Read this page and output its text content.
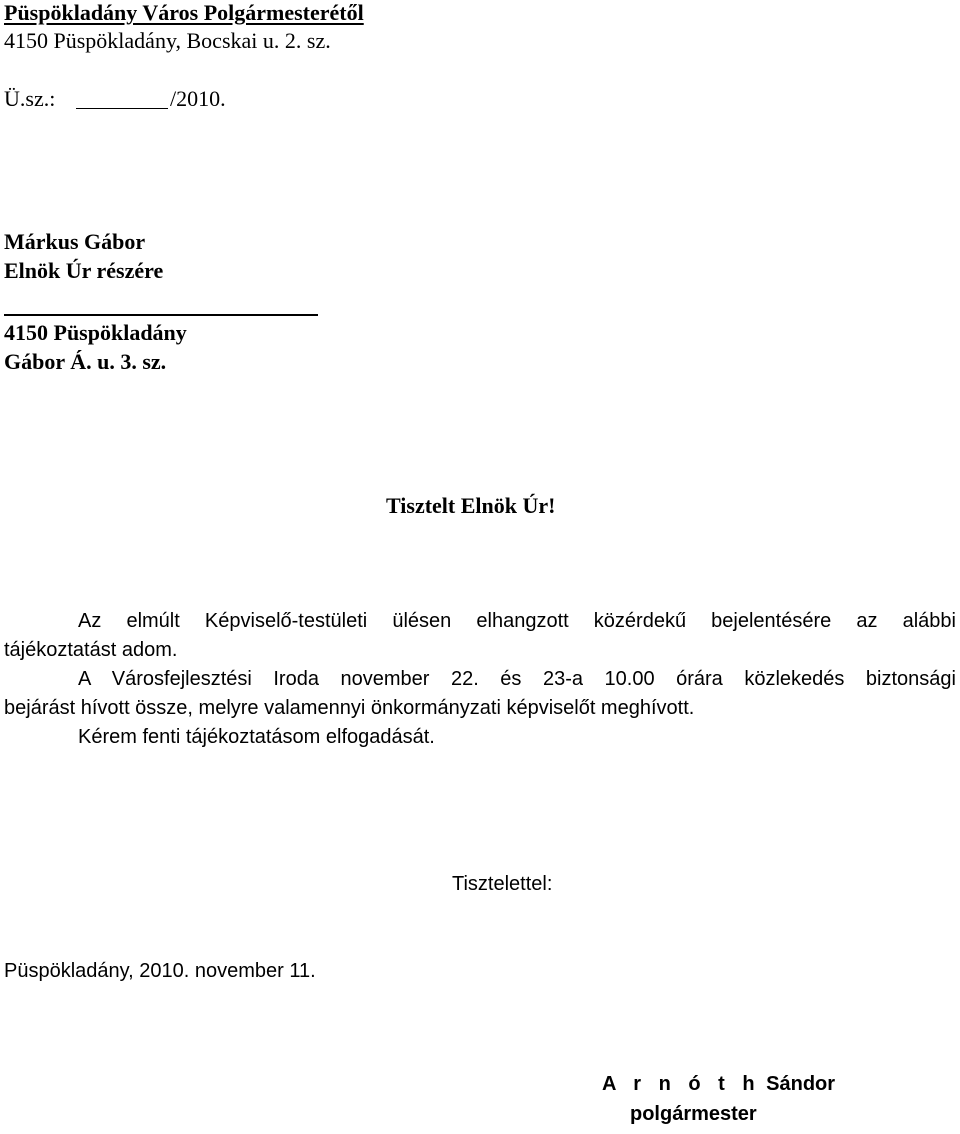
Püspökladány Város Polgármesterétől
4150 Püspökladány, Bocskai u. 2. sz.
Ü.sz.:	/2010.
Márkus Gábor
Elnök Úr részére
4150 Püspökladány
Gábor Á. u. 3. sz.
Tisztelt Elnök Úr!
Az elmúlt Képviselő-testületi ülésen elhangzott közérdekű bejelentésére az alábbi
tájékoztatást adom.
A Városfejlesztési Iroda november 22. és 23-a 10.00 órára közlekedés biztonsági
bejárást hívott össze, melyre valamennyi önkormányzati képviselőt meghívott.
Kérem fenti tájékoztatásom elfogadását.
Tisztelettel:
Püspökladány, 2010. november 11.
A r n ó t h Sándor
polgármester
